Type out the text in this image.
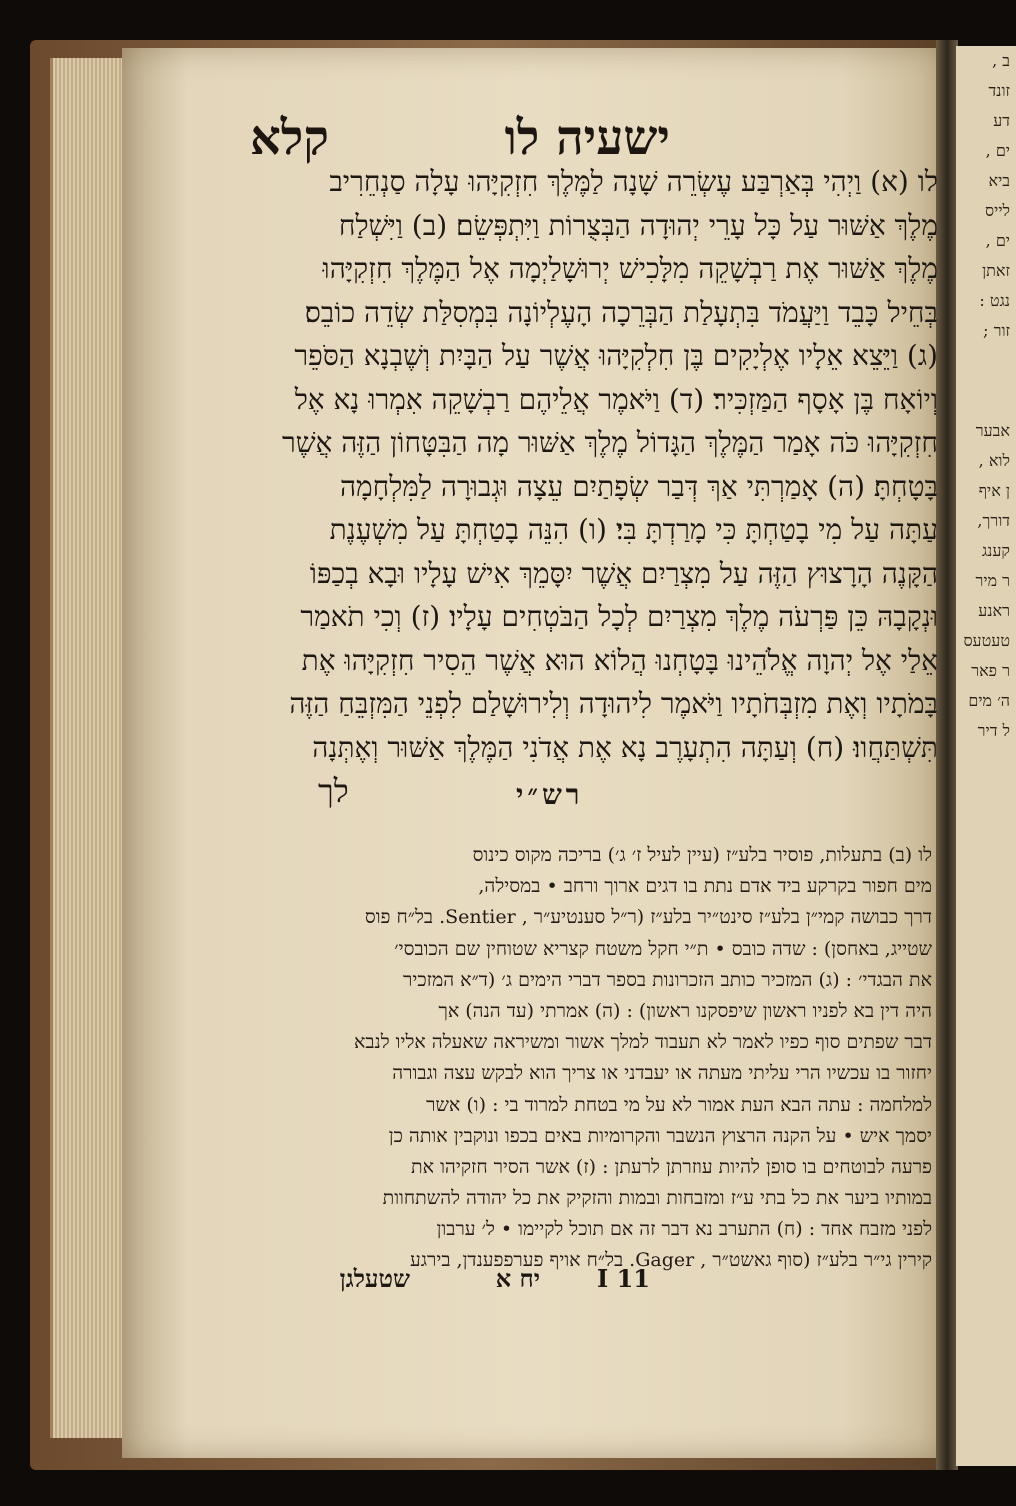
ב ,
זונד
דע
ים ,
ביא
לייס
ים ,
זאתן
נגט :
זור ;
אבער
לוא ,
ן איף
דורך,
קענג
ר מיר
ראנע
טעטעס
ר פאר
ה׳ מים
ל דיר
ישעיה לו
קלא
לו (א) וַיְהִי בְּאַרְבַּע עֶשְׂרֵה שָׁנָה לַמֶּלֶךְ חִזְקִיָּהוּ עָלָה סַנְחֵרִיב
מֶלֶךְ אַשּׁוּר עַל כָּל עָרֵי יְהוּדָה הַבְּצֻרוֹת וַיִּתְפְּשֵׂם׃ (ב) וַיִּשְׁלַח
מֶלֶךְ אַשּׁוּר אֶת רַבְשָׁקֵה מִלָּכִישׁ יְרוּשָׁלַיְמָה אֶל הַמֶּלֶךְ חִזְקִיָּהוּ
בְּחֵיל כָּבֵד וַיַּעֲמֹד בִּתְעָלַת הַבְּרֵכָה הָעֶלְיוֹנָה בִּמְסִלַּת שְׂדֵה כוֹבֵס׃
(ג) וַיֵּצֵא אֵלָיו אֶלְיָקִים בֶּן חִלְקִיָּהוּ אֲשֶׁר עַל הַבָּיִת וְשֶׁבְנָא הַסֹּפֵר
וְיוֹאָח בֶּן אָסָף הַמַּזְכִּיר׃ (ד) וַיֹּאמֶר אֲלֵיהֶם רַבְשָׁקֵה אִמְרוּ נָא אֶל
חִזְקִיָּהוּ כֹּה אָמַר הַמֶּלֶךְ הַגָּדוֹל מֶלֶךְ אַשּׁוּר מָה הַבִּטָּחוֹן הַזֶּה אֲשֶׁר
בָּטָחְתָּ׃ (ה) אָמַרְתִּי אַךְ דְּבַר שְׂפָתַיִם עֵצָה וּגְבוּרָה לַמִּלְחָמָה
עַתָּה עַל מִי בָטַחְתָּ כִּי מָרַדְתָּ בִּי׃ (ו) הִנֵּה בָטַחְתָּ עַל מִשְׁעֶנֶת
הַקָּנֶה הָרָצוּץ הַזֶּה עַל מִצְרַיִם אֲשֶׁר יִסָּמֵךְ אִישׁ עָלָיו וּבָא בְכַפּוֹ
וּנְקָבָהּ כֵּן פַּרְעֹה מֶלֶךְ מִצְרַיִם לְכָל הַבֹּטְחִים עָלָיו׃ (ז) וְכִי תֹאמַר
אֵלַי אֶל יְהוָה אֱלֹהֵינוּ בָּטָחְנוּ הֲלוֹא הוּא אֲשֶׁר הֵסִיר חִזְקִיָּהוּ אֶת
בָּמֹתָיו וְאֶת מִזְבְּחֹתָיו וַיֹּאמֶר לִיהוּדָה וְלִירוּשָׁלַם לִפְנֵי הַמִּזְבֵּחַ הַזֶּה
תִּשְׁתַּחֲווּ׃ (ח) וְעַתָּה הִתְעָרֶב נָא אֶת אֲדֹנִי הַמֶּלֶךְ אַשּׁוּר וְאֶתְּנָה
לך	רש״י
לו (ב) בתעלות, פוסיר בלע״ז (עיין לעיל ז׳ ג׳) בריכה מקוס כינוס
מים חפור בקרקע ביד אדם נתת בו דגים ארוך ורחב • במסילה,
דרך כבושה קמי״ן בלע״ז סינט״יר בלע״ז (ר״ל סענטיע״ר , Sentier. בל״ח פוס
שטייג, באחסן) : שדה כובס • ת״י חקל משטח קצריא שטוחין שם הכובסי׳
את הבגדי׳ : (ג) המזכיר כותב הזכרונות בספר דברי הימים ג׳ (ד״א המזכיר
היה דין בא לפניו ראשון שיפסקנו ראשון) : (ה) אמרתי (עד הנה) אך
דבר שפתים סוף כפיו לאמר לא תעבוד למלך אשור ומשיראה שאעלה אליו לנבא
יחזור בו עכשיו הרי עליתי מעתה או יעבדני או צריך הוא לבקש עצה וגבורה
למלחמה : עתה הבא העת אמור לא על מי בטחת למרוד בי : (ו) אשר
יסמך איש • על הקנה הרצוץ הנשבר והקרומיות באים בכפו ונוקבין אותה כן
פרעה לבוטחים בו סופן להיות עוזרתן לרעתן : (ז) אשר הסיר חזקיהו את
במותיו ביער את כל בתי ע״ז ומזבחות ובמות והזקיק את כל יהודה להשתחוות
לפני מזבח אחד : (ח) התערב נא דבר זה אם תוכל לקיימו • ל׳ ערבון
קירין גי״ר בלע״ז (סוף גאשט״ר , Gager. בל״ח אויף פערפפענדן, בירגע
11 I
יח א
שטעלגן
